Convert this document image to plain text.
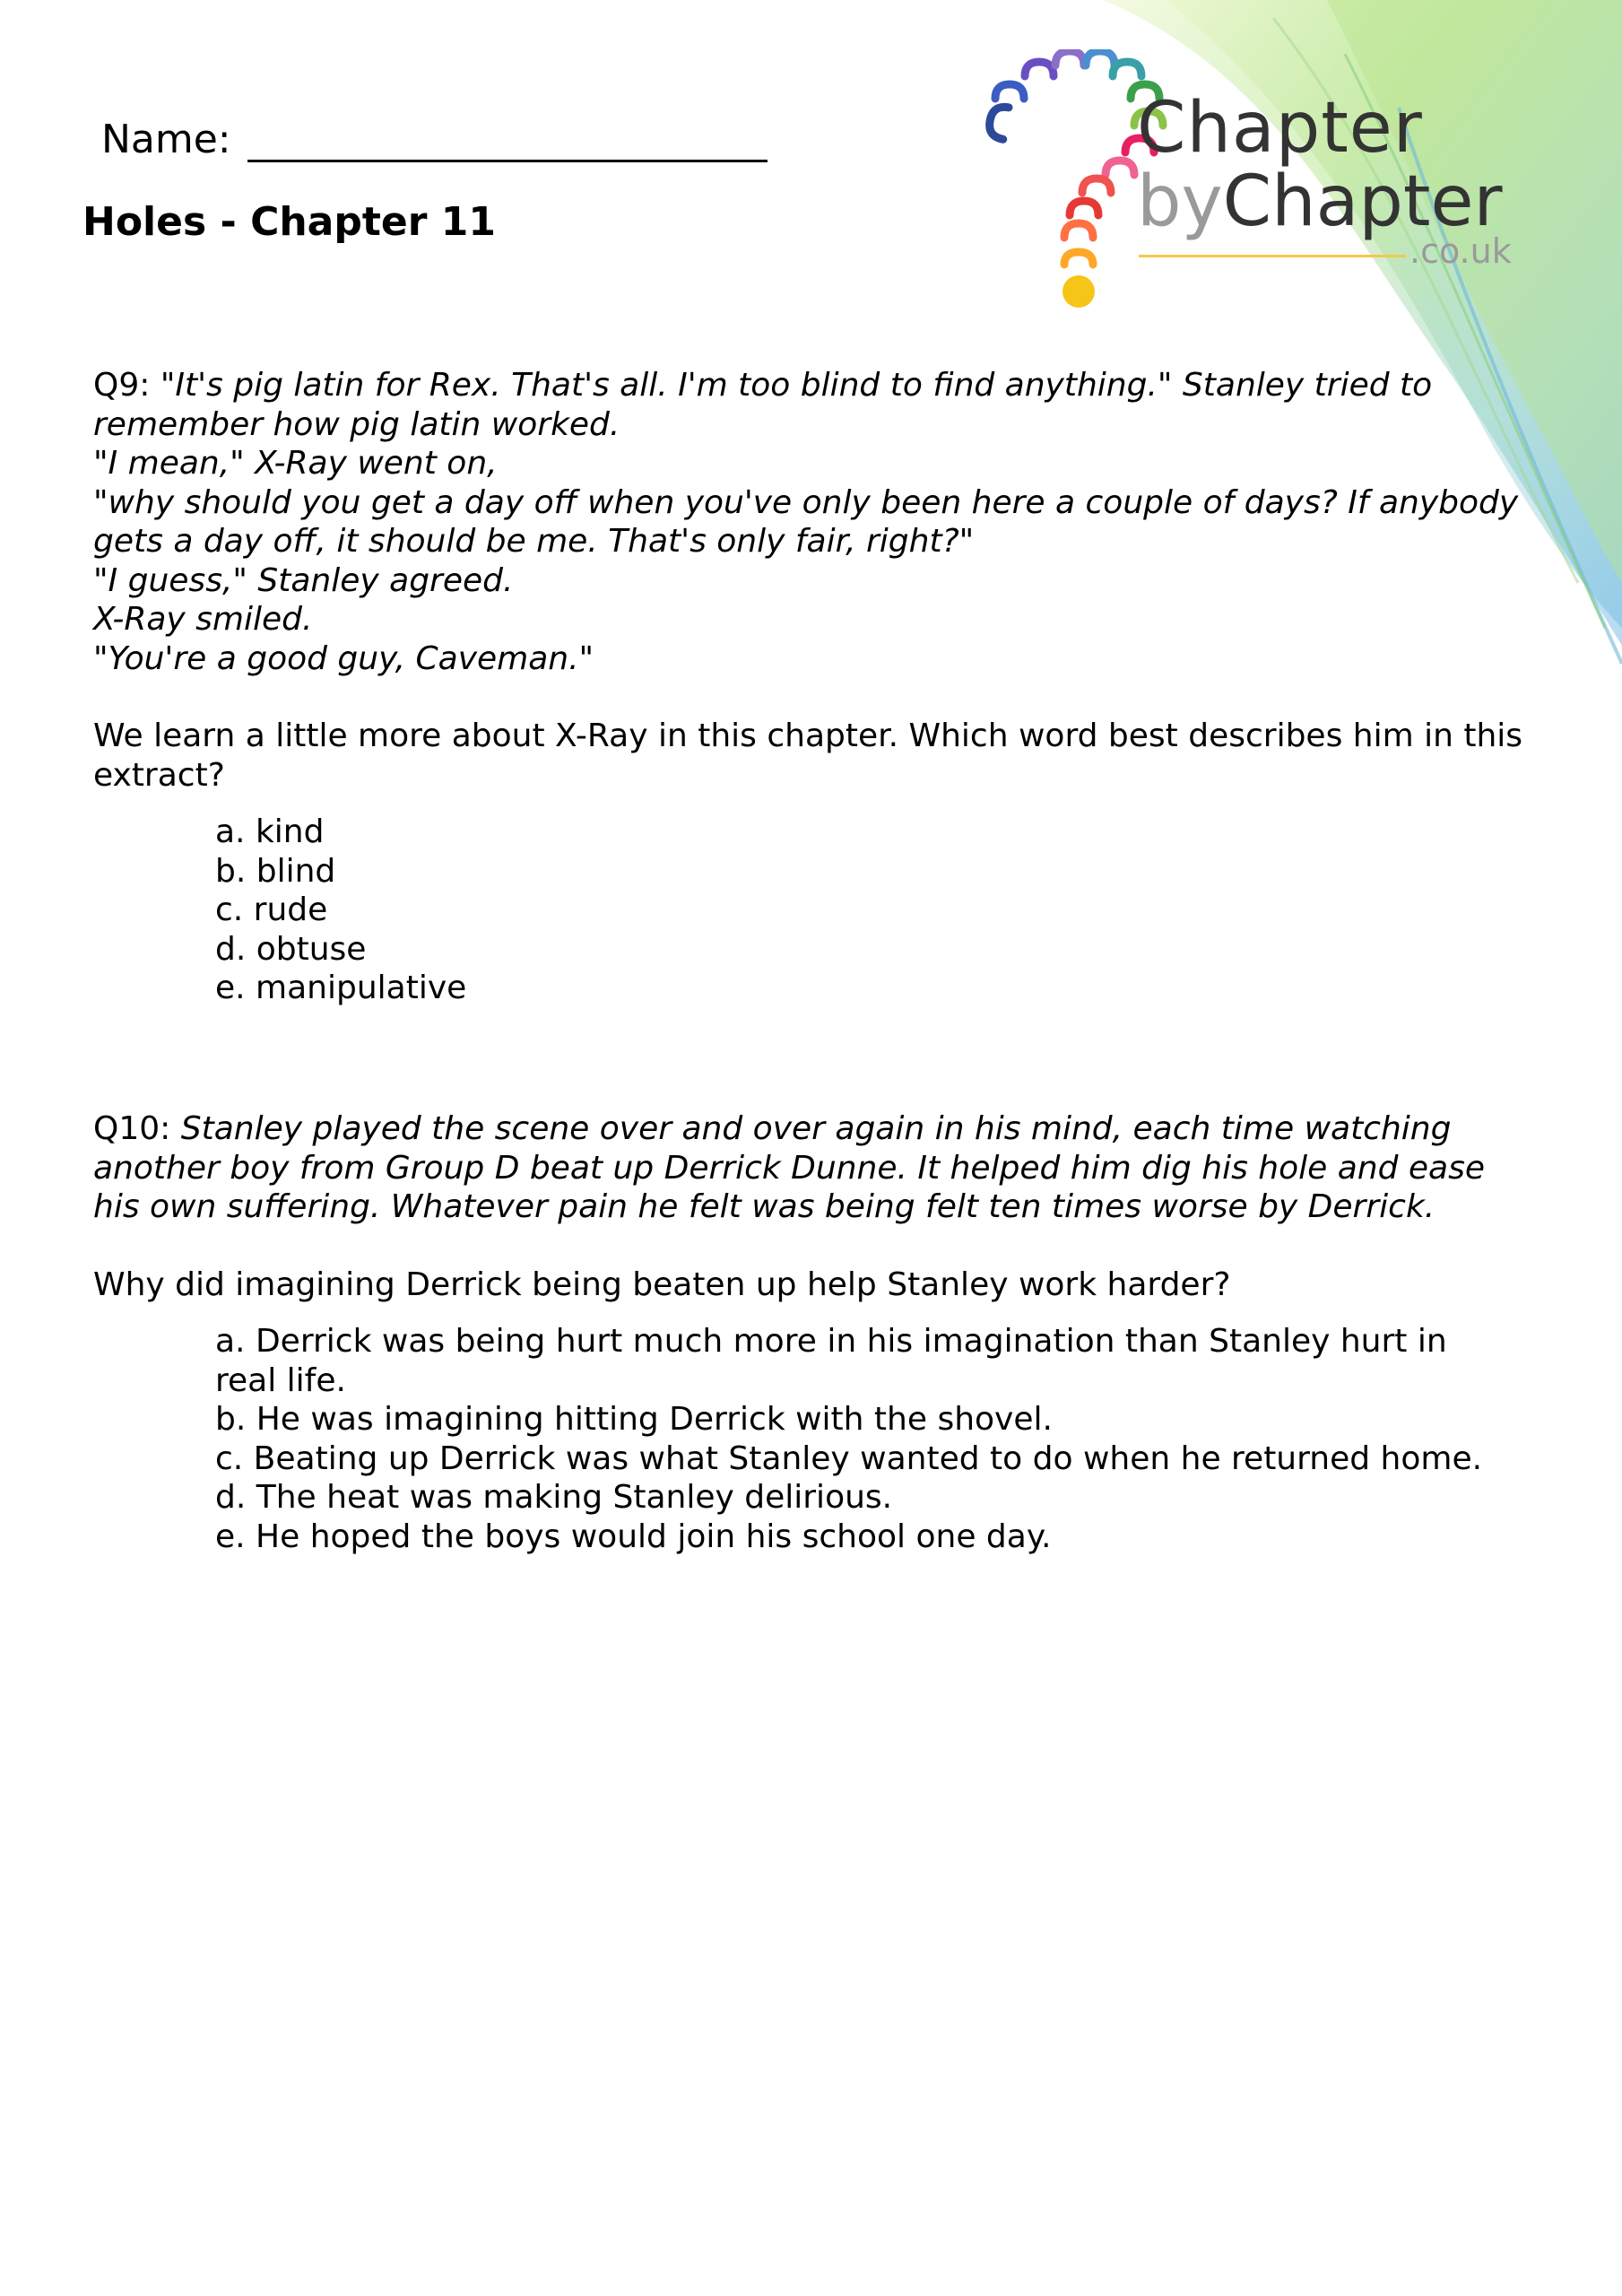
Chapter
byChapter
.co.uk
Name:
Holes - Chapter 11

Q9: "It's pig latin for Rex. That's all. I'm too blind to find anything." Stanley tried to remember how pig latin worked.

"I mean," X-Ray went on,

"why should you get a day off when you've only been here a couple of days? If anybody gets a day off, it should be me. That's only fair, right?"

"I guess," Stanley agreed.

X-Ray smiled.

"You're a good guy, Caveman."

We learn a little more about X-Ray in this chapter. Which word best describes him in this extract?

a. kind
b. blind
c. rude
d. obtuse
e. manipulative

Q10: Stanley played the scene over and over again in his mind, each time watching another boy from Group D beat up Derrick Dunne. It helped him dig his hole and ease his own suffering. Whatever pain he felt was being felt ten times worse by Derrick.

Why did imagining Derrick being beaten up help Stanley work harder?

a. Derrick was being hurt much more in his imagination than Stanley hurt in real life.
b. He was imagining hitting Derrick with the shovel.
c. Beating up Derrick was what Stanley wanted to do when he returned home.
d. The heat was making Stanley delirious.
e. He hoped the boys would join his school one day.
